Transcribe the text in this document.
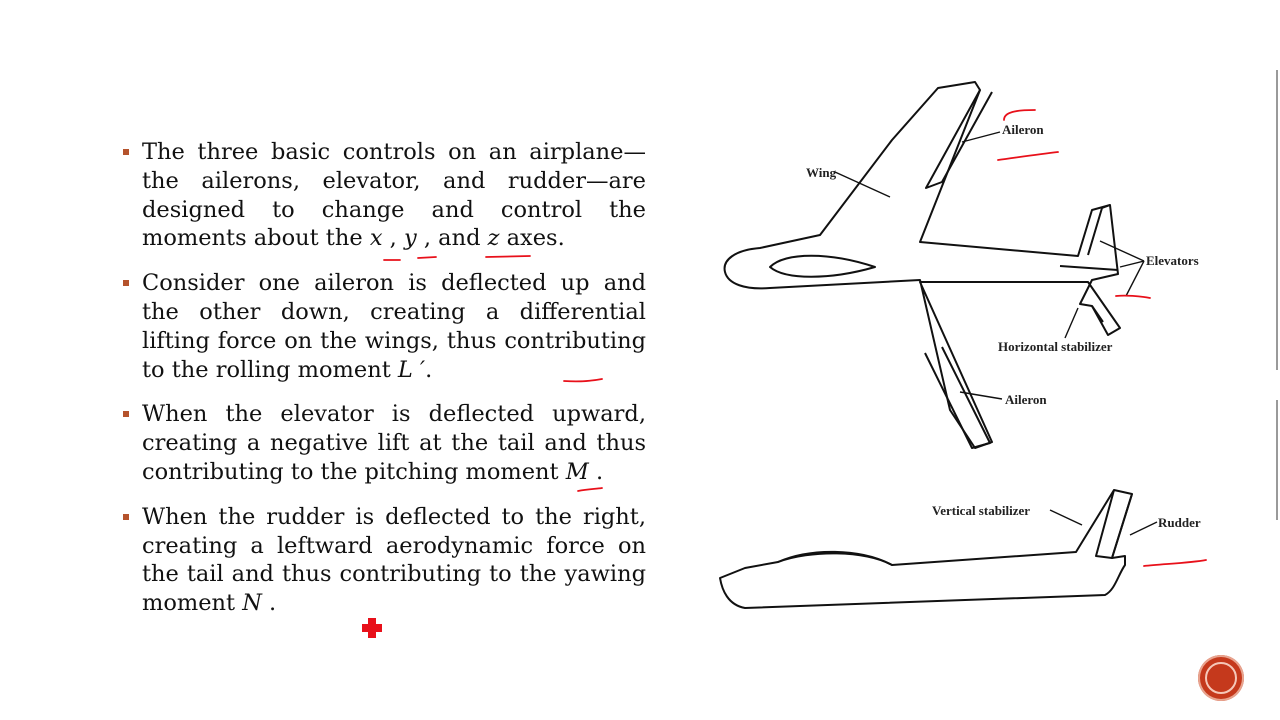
The three basic controls on an airplane—the ailerons, elevator, and rudder—are designed to change and control the moments about the x , y , and z axes.
Consider one aileron is deflected up and the other down, creating a differential lifting force on the wings, thus contributing to the rolling moment L ′.
When the elevator is deflected upward, creating a negative lift at the tail and thus contributing to the pitching moment M .
When the rudder is deflected to the right, creating a leftward aerodynamic force on the tail and thus contributing to the yawing moment N .
Wing
Aileron
Elevators
Horizontal stabilizer
Aileron
Vertical stabilizer
Rudder
